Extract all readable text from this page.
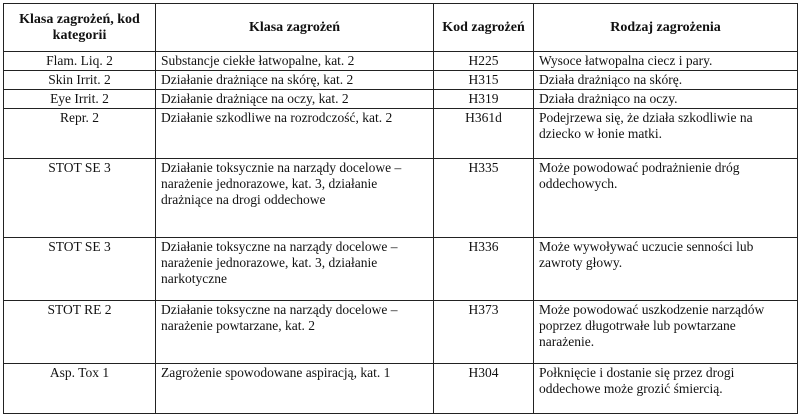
Klasa zagrożeń, kod kategorii	Klasa zagrożeń	Kod zagrożeń	Rodzaj zagrożenia
Flam. Liq. 2	Substancje ciekłe łatwopalne, kat. 2	H225	Wysoce łatwopalna ciecz i pary.
Skin Irrit. 2	Działanie drażniące na skórę, kat. 2	H315	Działa drażniąco na skórę.
Eye Irrit. 2	Działanie drażniące na oczy, kat. 2	H319	Działa drażniąco na oczy.
Repr. 2	Działanie szkodliwe na rozrodczość, kat. 2	H361d	Podejrzewa się, że działa szkodliwie na dziecko w łonie matki.
STOT SE 3	Działanie toksycznie na narządy docelowe – narażenie jednorazowe, kat. 3, działanie drażniące na drogi oddechowe	H335	Może powodować podrażnienie dróg oddechowych.
STOT SE 3	Działanie toksyczne na narządy docelowe – narażenie jednorazowe, kat. 3, działanie narkotyczne	H336	Może wywoływać uczucie senności lub zawroty głowy.
STOT RE 2	Działanie toksyczne na narządy docelowe – narażenie powtarzane, kat. 2	H373	Może powodować uszkodzenie narządów poprzez długotrwałe lub powtarzane narażenie.
Asp. Tox 1	Zagrożenie spowodowane aspiracją, kat. 1	H304	Połknięcie i dostanie się przez drogi oddechowe może grozić śmiercią.
